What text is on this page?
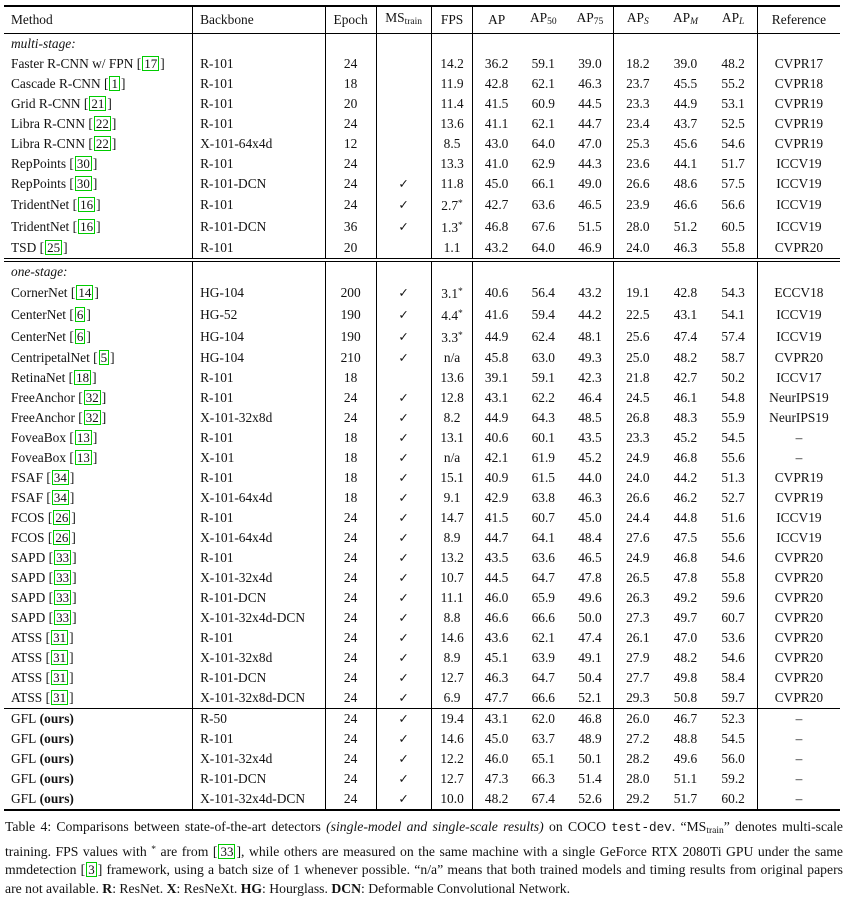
Method	Backbone	Epoch	$MS_{train}$	FPS	AP	$AP_{50}$	$AP_{75}$	$AP_S$	$AP_M$	$AP_L$	Reference
multi-stage:											
Faster R-CNN w/ FPN [ 17 ]	R-101	24		14.2	36.2	59.1	39.0	18.2	39.0	48.2	CVPR17
Cascade R-CNN [ 1 ]	R-101	18		11.9	42.8	62.1	46.3	23.7	45.5	55.2	CVPR18
Grid R-CNN [ 21 ]	R-101	20		11.4	41.5	60.9	44.5	23.3	44.9	53.1	CVPR19
Libra R-CNN [ 22 ]	R-101	24		13.6	41.1	62.1	44.7	23.4	43.7	52.5	CVPR19
Libra R-CNN [ 22 ]	X-101-64x4d	12		8.5	43.0	64.0	47.0	25.3	45.6	54.6	CVPR19
RepPoints [ 30 ]	R-101	24		13.3	41.0	62.9	44.3	23.6	44.1	51.7	ICCV19
RepPoints [ 30 ]	R-101-DCN	24	✓	11.8	45.0	66.1	49.0	26.6	48.6	57.5	ICCV19
TridentNet [ 16 ]	R-101	24	✓	2.7*	42.7	63.6	46.5	23.9	46.6	56.6	ICCV19
TridentNet [ 16 ]	R-101-DCN	36	✓	1.3*	46.8	67.6	51.5	28.0	51.2	60.5	ICCV19
TSD [ 25 ]	R-101	20		1.1	43.2	64.0	46.9	24.0	46.3	55.8	CVPR20
one-stage:											
CornerNet [ 14 ]	HG-104	200	✓	3.1*	40.6	56.4	43.2	19.1	42.8	54.3	ECCV18
CenterNet [ 6 ]	HG-52	190	✓	4.4*	41.6	59.4	44.2	22.5	43.1	54.1	ICCV19
CenterNet [ 6 ]	HG-104	190	✓	3.3*	44.9	62.4	48.1	25.6	47.4	57.4	ICCV19
CentripetalNet [ 5 ]	HG-104	210	✓	n/a	45.8	63.0	49.3	25.0	48.2	58.7	CVPR20
RetinaNet [ 18 ]	R-101	18		13.6	39.1	59.1	42.3	21.8	42.7	50.2	ICCV17
FreeAnchor [ 32 ]	R-101	24	✓	12.8	43.1	62.2	46.4	24.5	46.1	54.8	NeurIPS19
FreeAnchor [ 32 ]	X-101-32x8d	24	✓	8.2	44.9	64.3	48.5	26.8	48.3	55.9	NeurIPS19
FoveaBox [ 13 ]	R-101	18	✓	13.1	40.6	60.1	43.5	23.3	45.2	54.5	–
FoveaBox [ 13 ]	X-101	18	✓	n/a	42.1	61.9	45.2	24.9	46.8	55.6	–
FSAF [ 34 ]	R-101	18	✓	15.1	40.9	61.5	44.0	24.0	44.2	51.3	CVPR19
FSAF [ 34 ]	X-101-64x4d	18	✓	9.1	42.9	63.8	46.3	26.6	46.2	52.7	CVPR19
FCOS [ 26 ]	R-101	24	✓	14.7	41.5	60.7	45.0	24.4	44.8	51.6	ICCV19
FCOS [ 26 ]	X-101-64x4d	24	✓	8.9	44.7	64.1	48.4	27.6	47.5	55.6	ICCV19
SAPD [ 33 ]	R-101	24	✓	13.2	43.5	63.6	46.5	24.9	46.8	54.6	CVPR20
SAPD [ 33 ]	X-101-32x4d	24	✓	10.7	44.5	64.7	47.8	26.5	47.8	55.8	CVPR20
SAPD [ 33 ]	R-101-DCN	24	✓	11.1	46.0	65.9	49.6	26.3	49.2	59.6	CVPR20
SAPD [ 33 ]	X-101-32x4d-DCN	24	✓	8.8	46.6	66.6	50.0	27.3	49.7	60.7	CVPR20
ATSS [ 31 ]	R-101	24	✓	14.6	43.6	62.1	47.4	26.1	47.0	53.6	CVPR20
ATSS [ 31 ]	X-101-32x8d	24	✓	8.9	45.1	63.9	49.1	27.9	48.2	54.6	CVPR20
ATSS [ 31 ]	R-101-DCN	24	✓	12.7	46.3	64.7	50.4	27.7	49.8	58.4	CVPR20
ATSS [ 31 ]	X-101-32x8d-DCN	24	✓	6.9	47.7	66.6	52.1	29.3	50.8	59.7	CVPR20
GFL (ours)	R-50	24	✓	19.4	43.1	62.0	46.8	26.0	46.7	52.3	–
GFL (ours)	R-101	24	✓	14.6	45.0	63.7	48.9	27.2	48.8	54.5	–
GFL (ours)	X-101-32x4d	24	✓	12.2	46.0	65.1	50.1	28.2	49.6	56.0	–
GFL (ours)	R-101-DCN	24	✓	12.7	47.3	66.3	51.4	28.0	51.1	59.2	–
GFL (ours)	X-101-32x4d-DCN	24	✓	10.0	48.2	67.4	52.6	29.2	51.7	60.2	–

Table 4: Comparisons between state-of-the-art detectors (single-model and single-scale results) on COCO test-dev. “$MS_{train}$” denotes multi-scale training. FPS values with * are from [ 33 ], while others are measured on the same machine with a single GeForce RTX 2080Ti GPU under the same mmdetection [ 3 ] framework, using a batch size of 1 whenever possible. “n/a” means that both trained models and timing results from original papers are not available. R: ResNet. X: ResNeXt. HG: Hourglass. DCN: Deformable Convolutional Network.
